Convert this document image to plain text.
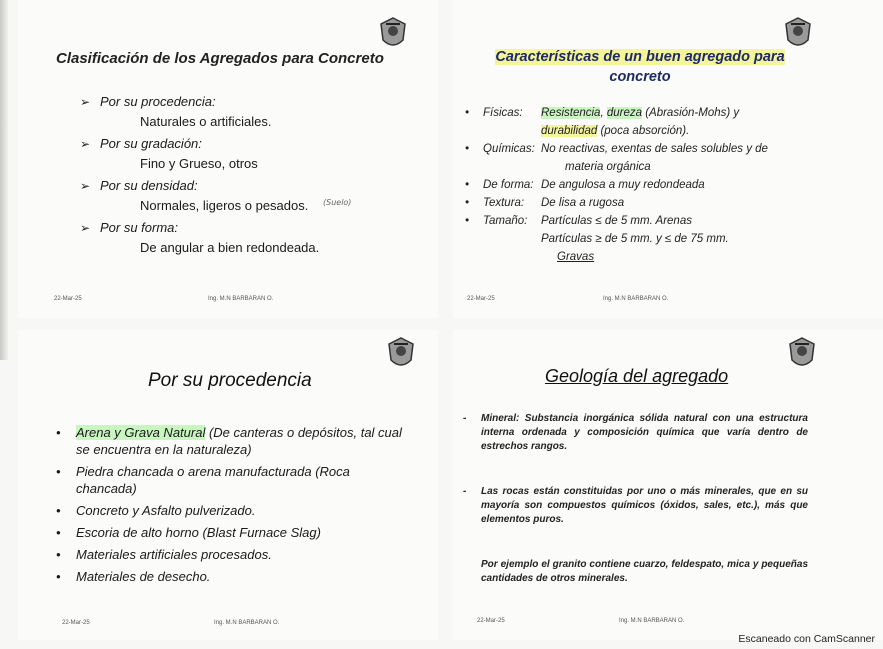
Clasificación de los Agregados para Concreto
➢ Por su procedencia:
Naturales o artificiales.
➢ Por su gradación:
Fino y Grueso, otros
➢ Por su densidad:
Normales, ligeros o pesados.
➢ Por su forma:
De angular a bien redondeada.
(Suelo)
22-Mar-25	Ing. M.N BARBARAN O.
Características de un buen agregado para
concreto
• Físicas: Resistencia, dureza (Abrasión-Mohs) y
durabilidad (poca absorción).
• Químicas: No reactivas, exentas de sales solubles y de
materia orgánica
• De forma: De angulosa a muy redondeada
• Textura: De lisa a rugosa
• Tamaño: Partículas ≤ de 5 mm. Arenas
Partículas ≥ de 5 mm. y ≤ de 75 mm.
Gravas
22-Mar-25	Ing. M.N BARBARAN O.
Por su procedencia
• Arena y Grava Natural (De canteras o depósitos, tal cual se encuentra en la naturaleza)
• Piedra chancada o arena manufacturada (Roca chancada)
• Concreto y Asfalto pulverizado.
• Escoria de alto horno (Blast Furnace Slag)
• Materiales artificiales procesados.
• Materiales de desecho.
22-Mar-25	Ing. M.N BARBARAN O.
Geología del agregado
-	Mineral: Substancia inorgánica sólida natural con una estructura interna ordenada y composición química que varía dentro de estrechos rangos.
-	Las rocas están constituidas por uno o más minerales, que en su mayoría son compuestos químicos (óxidos, sales, etc.), más que elementos puros.
Por ejemplo el granito contiene cuarzo, feldespato, mica y pequeñas cantidades de otros minerales.
22-Mar-25	Ing. M.N BARBARAN O.
Escaneado con CamScanner
